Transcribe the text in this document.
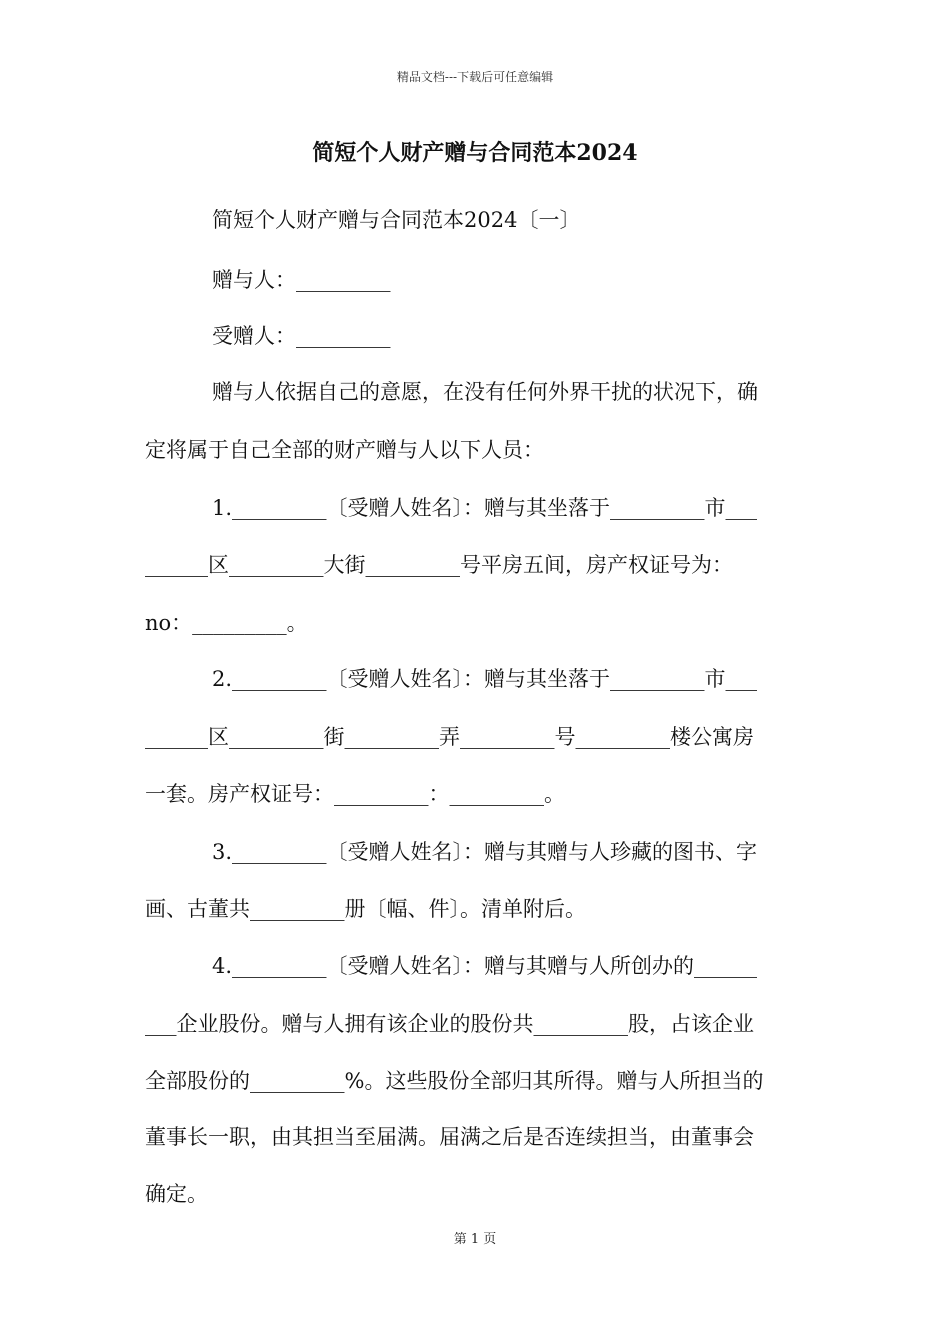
精品文档---下载后可任意编辑
简短个人财产赠与合同范本2024
简短个人财产赠与合同范本2024〔一〕
赠与人：_________
受赠人：_________
赠与人依据自己的意愿，在没有任何外界干扰的状况下，确
定将属于自己全部的财产赠与人以下人员：
1._________〔受赠人姓名〕：赠与其坐落于_________市___
______区_________大街_________号平房五间，房产权证号为：
no：_________。
2._________〔受赠人姓名〕：赠与其坐落于_________市___
______区_________街_________弄_________号_________楼公寓房
一套。房产权证号：_________：_________。
3._________〔受赠人姓名〕：赠与其赠与人珍藏的图书、字
画、古董共_________册〔幅、件〕。清单附后。
4._________〔受赠人姓名〕：赠与其赠与人所创办的______
___企业股份。赠与人拥有该企业的股份共_________股，占该企业
全部股份的_________%。这些股份全部归其所得。赠与人所担当的
董事长一职，由其担当至届满。届满之后是否连续担当，由董事会
确定。
第 1 页
